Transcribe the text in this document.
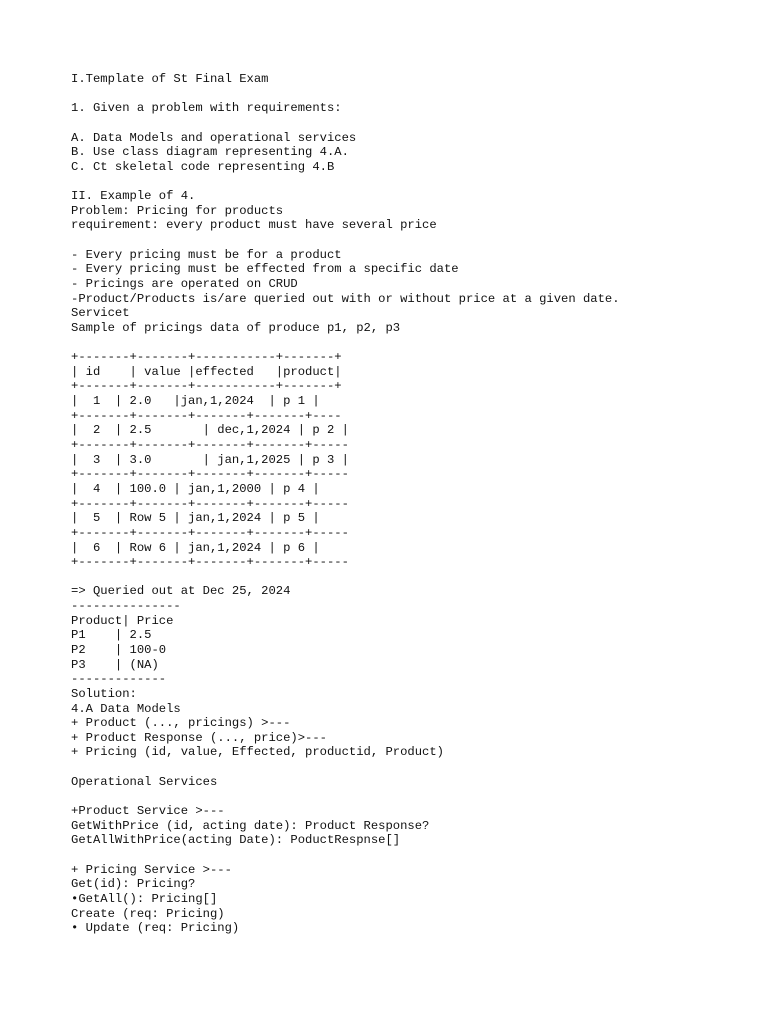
I.Template of St Final Exam
1. Given a problem with requirements:
A. Data Models and operational services
B. Use class diagram representing 4.A.
C. Ct skeletal code representing 4.B
II. Example of 4.
Problem: Pricing for products
requirement: every product must have several price
- Every pricing must be for a product
- Every pricing must be effected from a specific date
- Pricings are operated on CRUD
-Product/Products is/are queried out with or without price at a given date.
Servicet
Sample of pricings data of produce p1, p2, p3
+-------+-------+-----------+-------+
| id    | value |effected   |product|
+-------+-------+-----------+-------+
|  1  | 2.0   |jan,1,2024  | p 1 |
+-------+-------+-------+-------+----
|  2  | 2.5       | dec,1,2024 | p 2 |
+-------+-------+-------+-------+-----
|  3  | 3.0       | jan,1,2025 | p 3 |
+-------+-------+-------+-------+-----
|  4  | 100.0 | jan,1,2000 | p 4 |
+-------+-------+-------+-------+-----
|  5  | Row 5 | jan,1,2024 | p 5 |
+-------+-------+-------+-------+-----
|  6  | Row 6 | jan,1,2024 | p 6 |
+-------+-------+-------+-------+-----
=> Queried out at Dec 25, 2024
---------------
Product| Price
P1    | 2.5
P2    | 100-0
P3    | (NA)
-------------
Solution:
4.A Data Models
+ Product (..., pricings) >---
+ Product Response (..., price)>---
+ Pricing (id, value, Effected, productid, Product)
Operational Services
+Product Service >---
GetWithPrice (id, acting date): Product Response?
GetAllWithPrice(acting Date): PoductRespnse[]
+ Pricing Service >---
Get(id): Pricing?
•GetAll(): Pricing[]
Create (req: Pricing)
• Update (req: Pricing)
